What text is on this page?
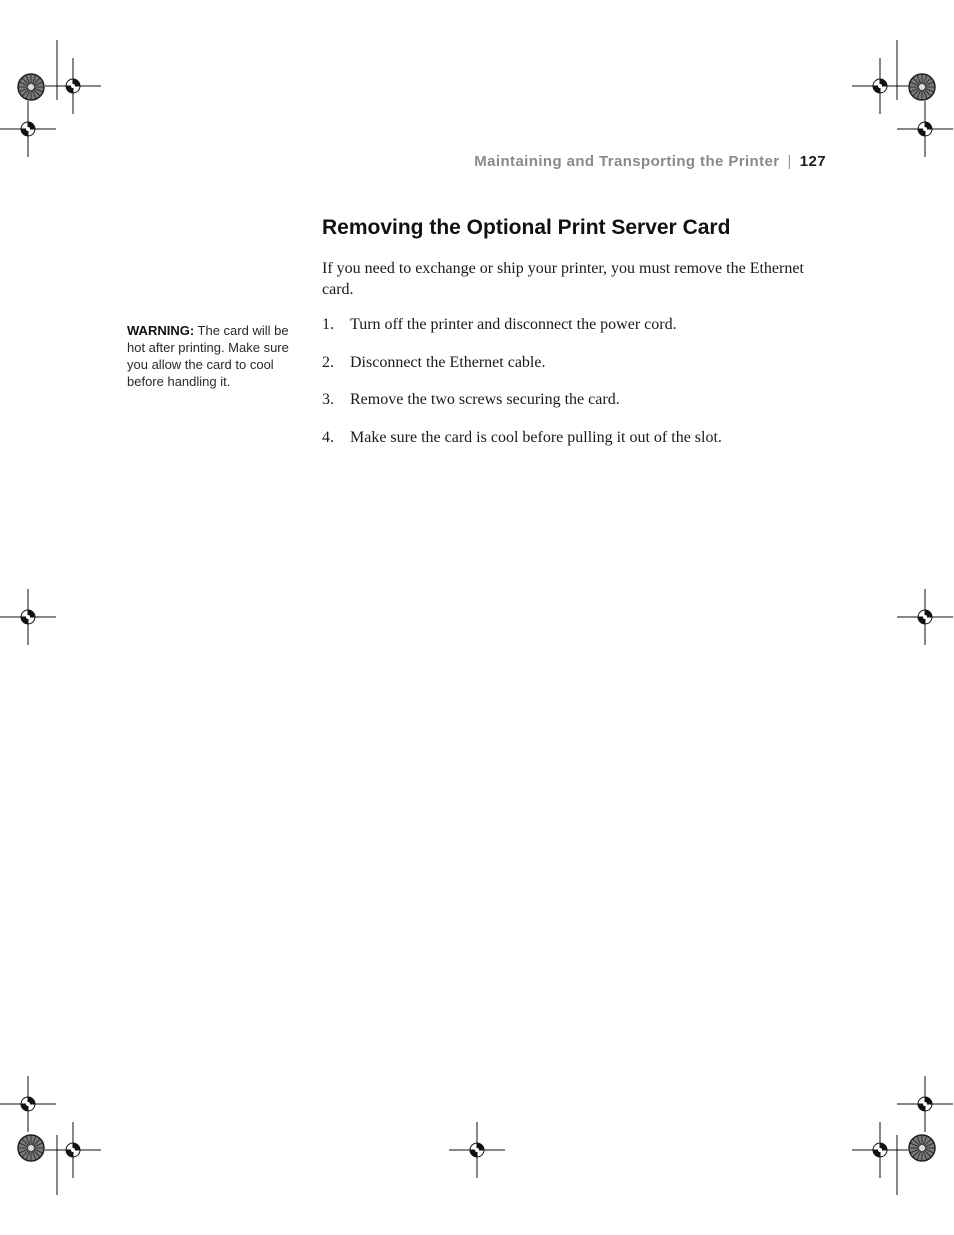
Maintaining and Transporting the Printer | 127
Removing the Optional Print Server Card

If you need to exchange or ship your printer, you must remove the Ethernet card.

WARNING: The card will be hot after printing. Make sure you allow the card to cool before handling it.

1.	Turn off the printer and disconnect the power cord.
2.	Disconnect the Ethernet cable.
3.	Remove the two screws securing the card.
4.	Make sure the card is cool before pulling it out of the slot.
